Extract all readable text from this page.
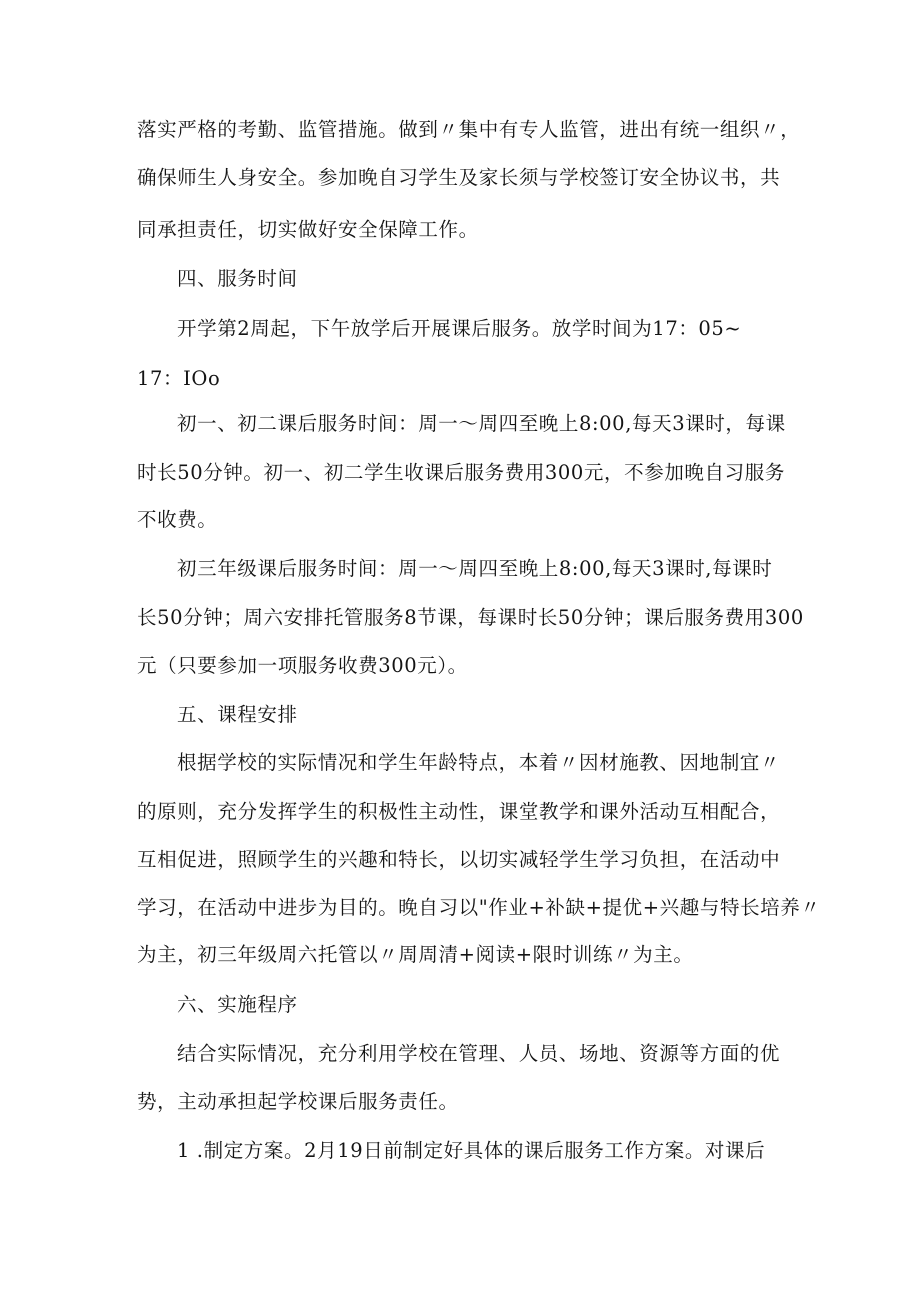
落实严格的考勤、监管措施。做到〃集中有专人监管，进出有统一组织〃，
确保师生人身安全。参加晚自习学生及家长须与学校签订安全协议书，共
同承担责任，切实做好安全保障工作。
四、服务时间
开学第2周起，下午放学后开展课后服务。放学时间为17：05~
17：IOo
初一、初二课后服务时间：周一～周四至晚上8:00,每天3课时，每课
时长50分钟。初一、初二学生收课后服务费用300元，不参加晚自习服务
不收费。
初三年级课后服务时间：周一～周四至晚上8:00,每天3课时,每课时
长50分钟；周六安排托管服务8节课，每课时长50分钟；课后服务费用300
元（只要参加一项服务收费300元）。
五、课程安排
根据学校的实际情况和学生年龄特点，本着〃因材施教、因地制宜〃
的原则，充分发挥学生的积极性主动性，课堂教学和课外活动互相配合，
互相促进，照顾学生的兴趣和特长，以切实减轻学生学习负担，在活动中
学习，在活动中进步为目的。晚自习以"作业+补缺+提优+兴趣与特长培养〃
为主，初三年级周六托管以〃周周清+阅读+限时训练〃为主。
六、实施程序
结合实际情况，充分利用学校在管理、人员、场地、资源等方面的优
势，主动承担起学校课后服务责任。
1 .制定方案。2月19日前制定好具体的课后服务工作方案。对课后
